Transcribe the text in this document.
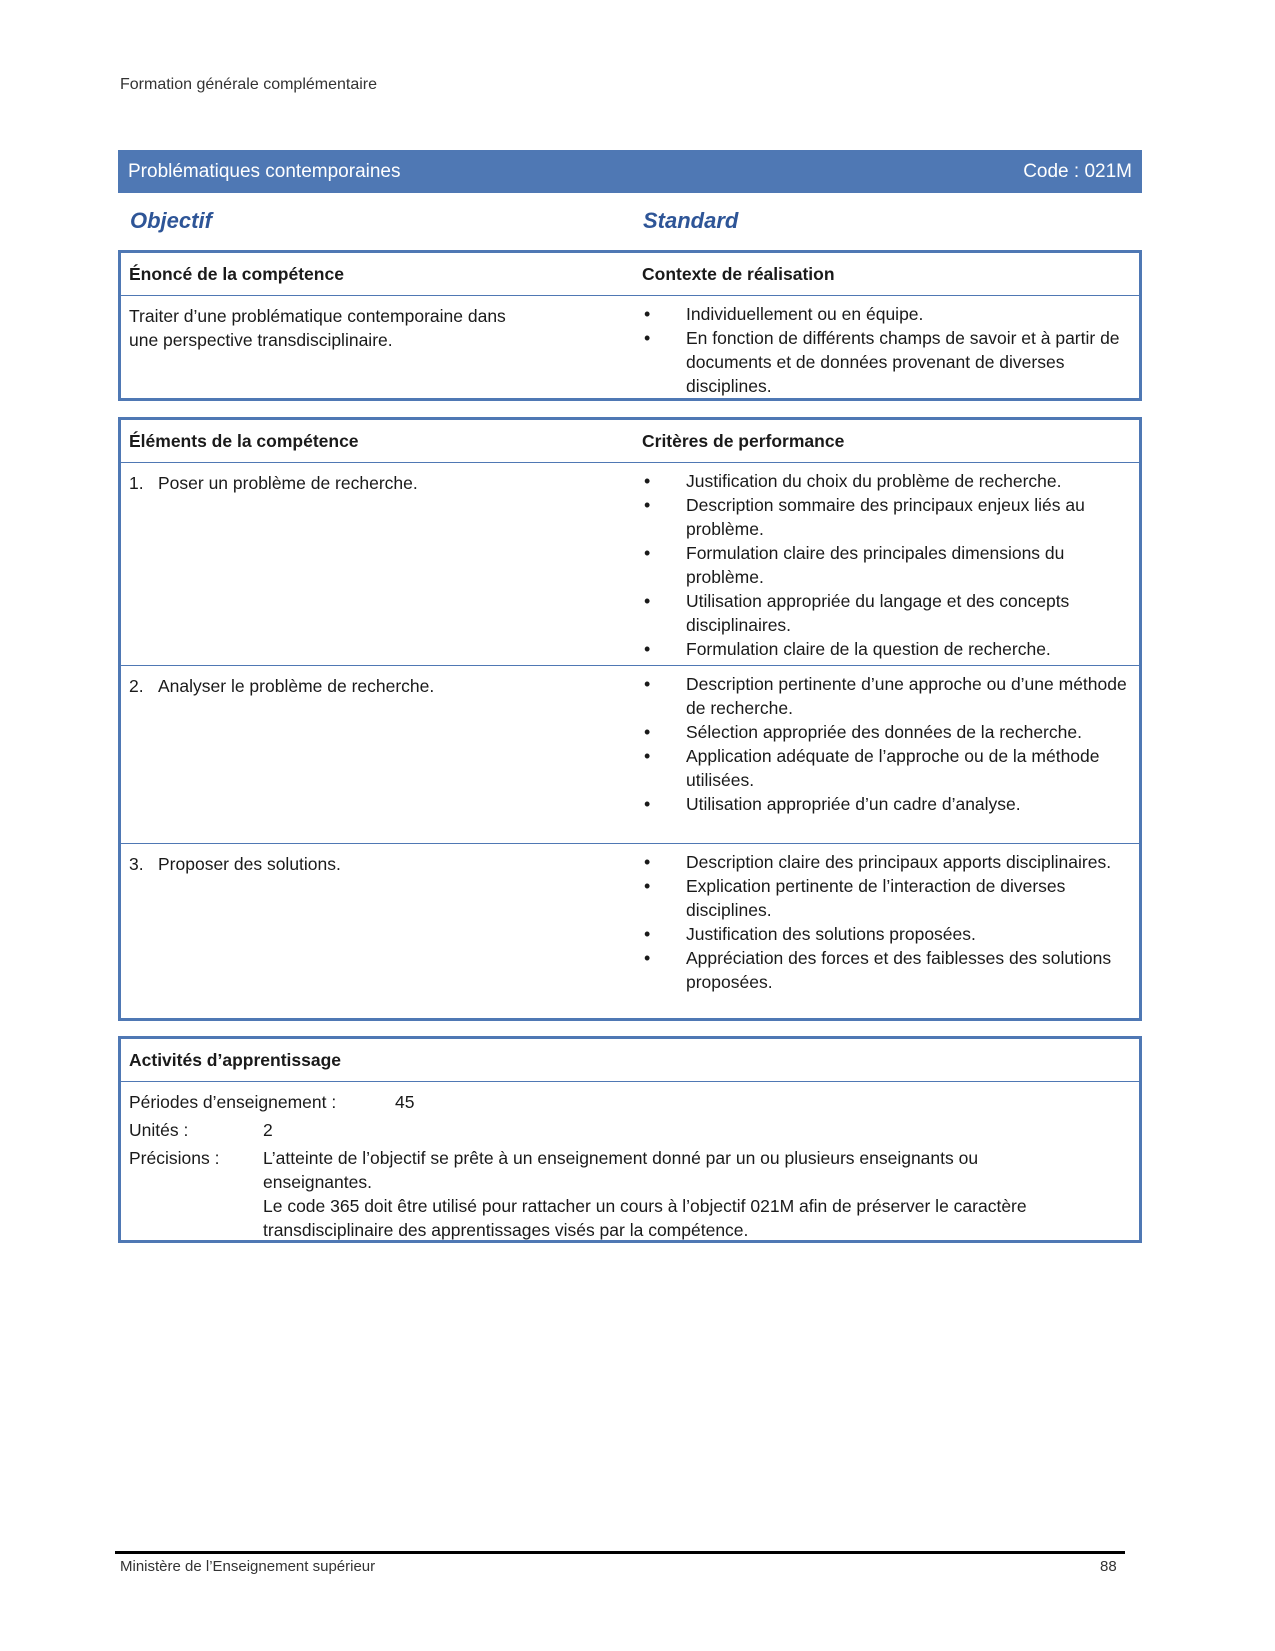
Formation générale complémentaire
Problématiques contemporaines	Code : 021M
Objectif	Standard
Énoncé de la compétence	Contexte de réalisation
Traiter d’une problématique contemporaine dans une perspective transdisciplinaire.
• Individuellement ou en équipe.
• En fonction de différents champs de savoir et à partir de documents et de données provenant de diverses disciplines.
Éléments de la compétence	Critères de performance
1. Poser un problème de recherche.	• Justification du choix du problème de recherche.
• Description sommaire des principaux enjeux liés au problème.
• Formulation claire des principales dimensions du problème.
• Utilisation appropriée du langage et des concepts disciplinaires.
• Formulation claire de la question de recherche.
2. Analyser le problème de recherche.	• Description pertinente d’une approche ou d’une méthode de recherche.
• Sélection appropriée des données de la recherche.
• Application adéquate de l’approche ou de la méthode utilisées.
• Utilisation appropriée d’un cadre d’analyse.
3. Proposer des solutions.	• Description claire des principaux apports disciplinaires.
• Explication pertinente de l’interaction de diverses disciplines.
• Justification des solutions proposées.
• Appréciation des forces et des faiblesses des solutions proposées.
Activités d’apprentissage
Périodes d’enseignement :	45
Unités :	2
Précisions : L’atteinte de l’objectif se prête à un enseignement donné par un ou plusieurs enseignants ou enseignantes.
Le code 365 doit être utilisé pour rattacher un cours à l’objectif 021M afin de préserver le caractère transdisciplinaire des apprentissages visés par la compétence.
Ministère de l’Enseignement supérieur	88
